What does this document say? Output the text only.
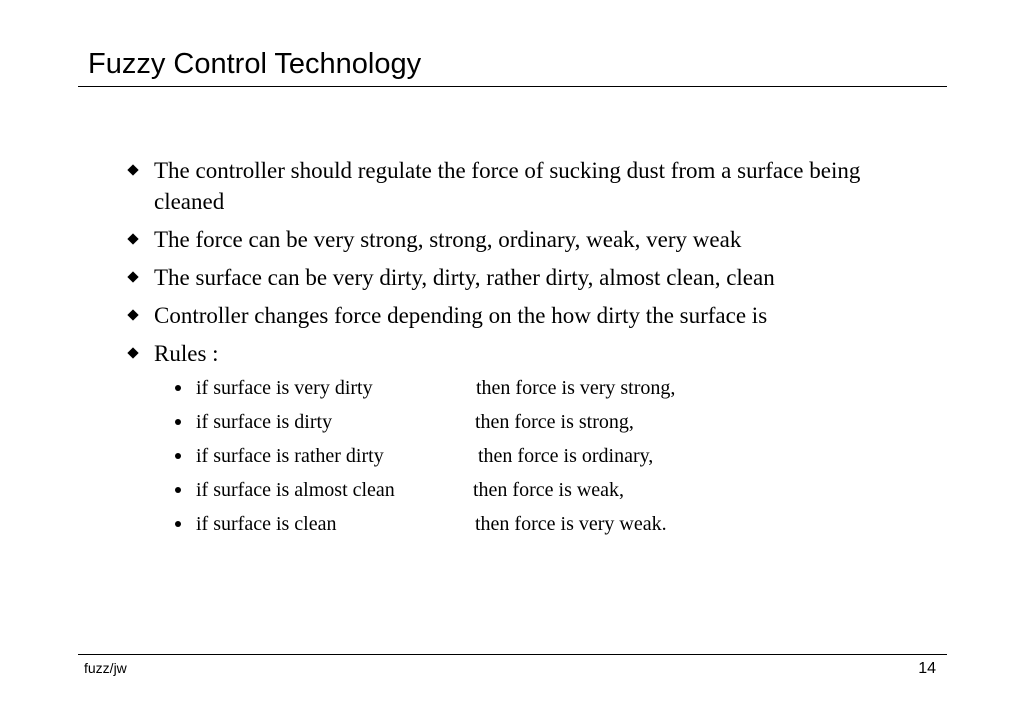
Fuzzy Control Technology
The controller should regulate the force of sucking dust from a surface being cleaned
The force can be very strong, strong, ordinary, weak, very weak
The surface can be very dirty, dirty, rather dirty, almost clean, clean
Controller changes force depending on the how dirty the surface is
Rules :
if surface is very dirty	then force is very strong,
if surface is dirty	then force is strong,
if surface is rather dirty	then force is ordinary,
if surface is almost clean	then force is weak,
if surface is clean	then force is very weak.
fuzz/jw	14
